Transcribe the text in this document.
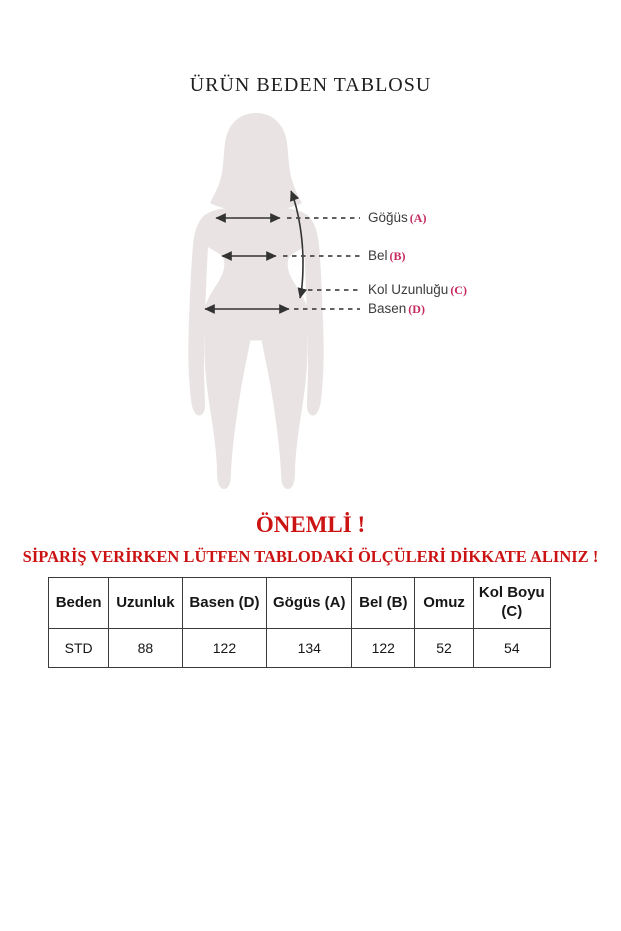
ÜRÜN BEDEN TABLOSU
Göğüs (A)
Bel (B)
Kol Uzunluğu (C)
Basen (D)
ÖNEMLİ !
SİPARİŞ VERİRKEN LÜTFEN TABLODAKİ ÖLÇÜLERİ DİKKATE ALINIZ !
Beden	Uzunluk	Basen (D)	Gögüs (A)	Bel (B)	Omuz	Kol Boyu (C)
STD	88	122	134	122	52	54
